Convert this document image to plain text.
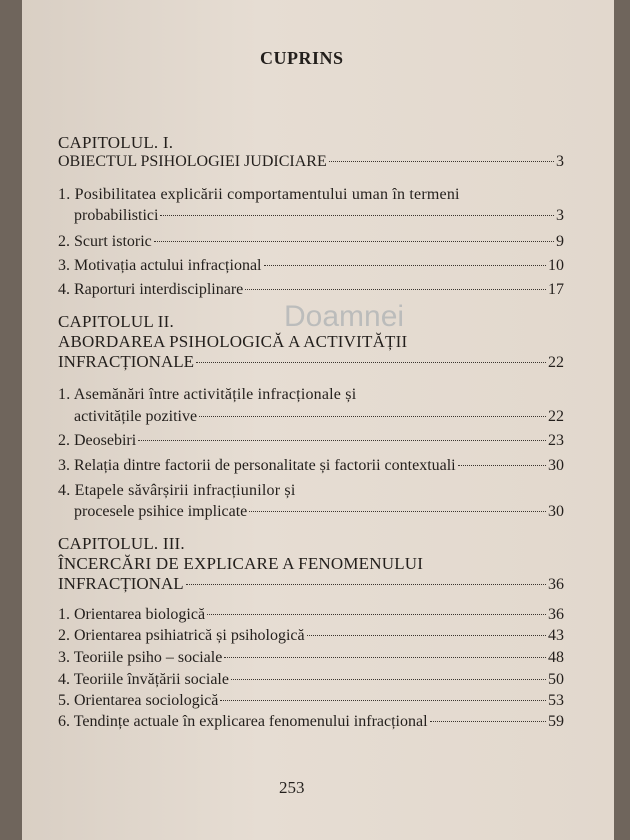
Doamnei
CUPRINS
CAPITOLUL. I.
OBIECTUL PSIHOLOGIEI JUDICIARE	3
1. Posibilitatea explicării comportamentului uman în termeni
probabilistici	3
2. Scurt istoric	9
3. Motivația actului infracțional	10
4. Raporturi interdisciplinare	17
CAPITOLUL II.
ABORDAREA PSIHOLOGICĂ A ACTIVITĂȚII
INFRACȚIONALE	22
1. Asemănări între activitățile infracționale și
activitățile pozitive	22
2. Deosebiri	23
3. Relația dintre factorii de personalitate și factorii contextuali	30
4. Etapele săvârșirii infracțiunilor și
procesele psihice implicate	30
CAPITOLUL. III.
ÎNCERCĂRI DE EXPLICARE A FENOMENULUI
INFRACȚIONAL	36
1. Orientarea biologică	36
2. Orientarea psihiatrică și psihologică	43
3. Teoriile psiho – sociale	48
4. Teoriile învățării sociale	50
5. Orientarea sociologică	53
6. Tendințe actuale în explicarea fenomenului infracțional	59
253
